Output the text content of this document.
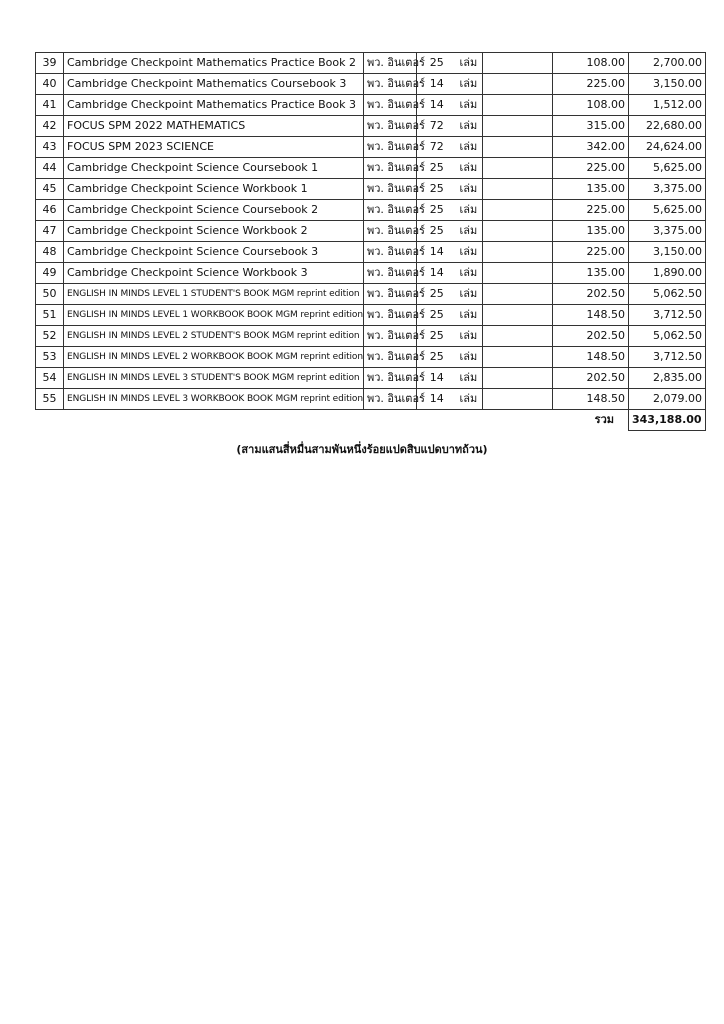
39	Cambridge Checkpoint Mathematics Practice Book 2	พว. อินเตอร์	25	เล่ม		108.00	2,700.00
40	Cambridge Checkpoint Mathematics Coursebook 3	พว. อินเตอร์	14	เล่ม		225.00	3,150.00
41	Cambridge Checkpoint Mathematics Practice Book 3	พว. อินเตอร์	14	เล่ม		108.00	1,512.00
42	FOCUS SPM 2022 MATHEMATICS	พว. อินเตอร์	72	เล่ม		315.00	22,680.00
43	FOCUS SPM 2023 SCIENCE	พว. อินเตอร์	72	เล่ม		342.00	24,624.00
44	Cambridge Checkpoint Science Coursebook 1	พว. อินเตอร์	25	เล่ม		225.00	5,625.00
45	Cambridge Checkpoint Science Workbook 1	พว. อินเตอร์	25	เล่ม		135.00	3,375.00
46	Cambridge Checkpoint Science Coursebook 2	พว. อินเตอร์	25	เล่ม		225.00	5,625.00
47	Cambridge Checkpoint Science Workbook 2	พว. อินเตอร์	25	เล่ม		135.00	3,375.00
48	Cambridge Checkpoint Science Coursebook 3	พว. อินเตอร์	14	เล่ม		225.00	3,150.00
49	Cambridge Checkpoint Science Workbook 3	พว. อินเตอร์	14	เล่ม		135.00	1,890.00
50	ENGLISH IN MINDS LEVEL 1 STUDENT'S BOOK MGM reprint edition	พว. อินเตอร์	25	เล่ม		202.50	5,062.50
51	ENGLISH IN MINDS LEVEL 1 WORKBOOK BOOK MGM reprint edition	พว. อินเตอร์	25	เล่ม		148.50	3,712.50
52	ENGLISH IN MINDS LEVEL 2 STUDENT'S BOOK MGM reprint edition	พว. อินเตอร์	25	เล่ม		202.50	5,062.50
53	ENGLISH IN MINDS LEVEL 2 WORKBOOK BOOK MGM reprint edition	พว. อินเตอร์	25	เล่ม		148.50	3,712.50
54	ENGLISH IN MINDS LEVEL 3 STUDENT'S BOOK MGM reprint edition	พว. อินเตอร์	14	เล่ม		202.50	2,835.00
55	ENGLISH IN MINDS LEVEL 3 WORKBOOK BOOK MGM reprint edition	พว. อินเตอร์	14	เล่ม		148.50	2,079.00
						รวม	343,188.00
(สามแสนสี่หมื่นสามพันหนึ่งร้อยแปดสิบแปดบาทถ้วน)
